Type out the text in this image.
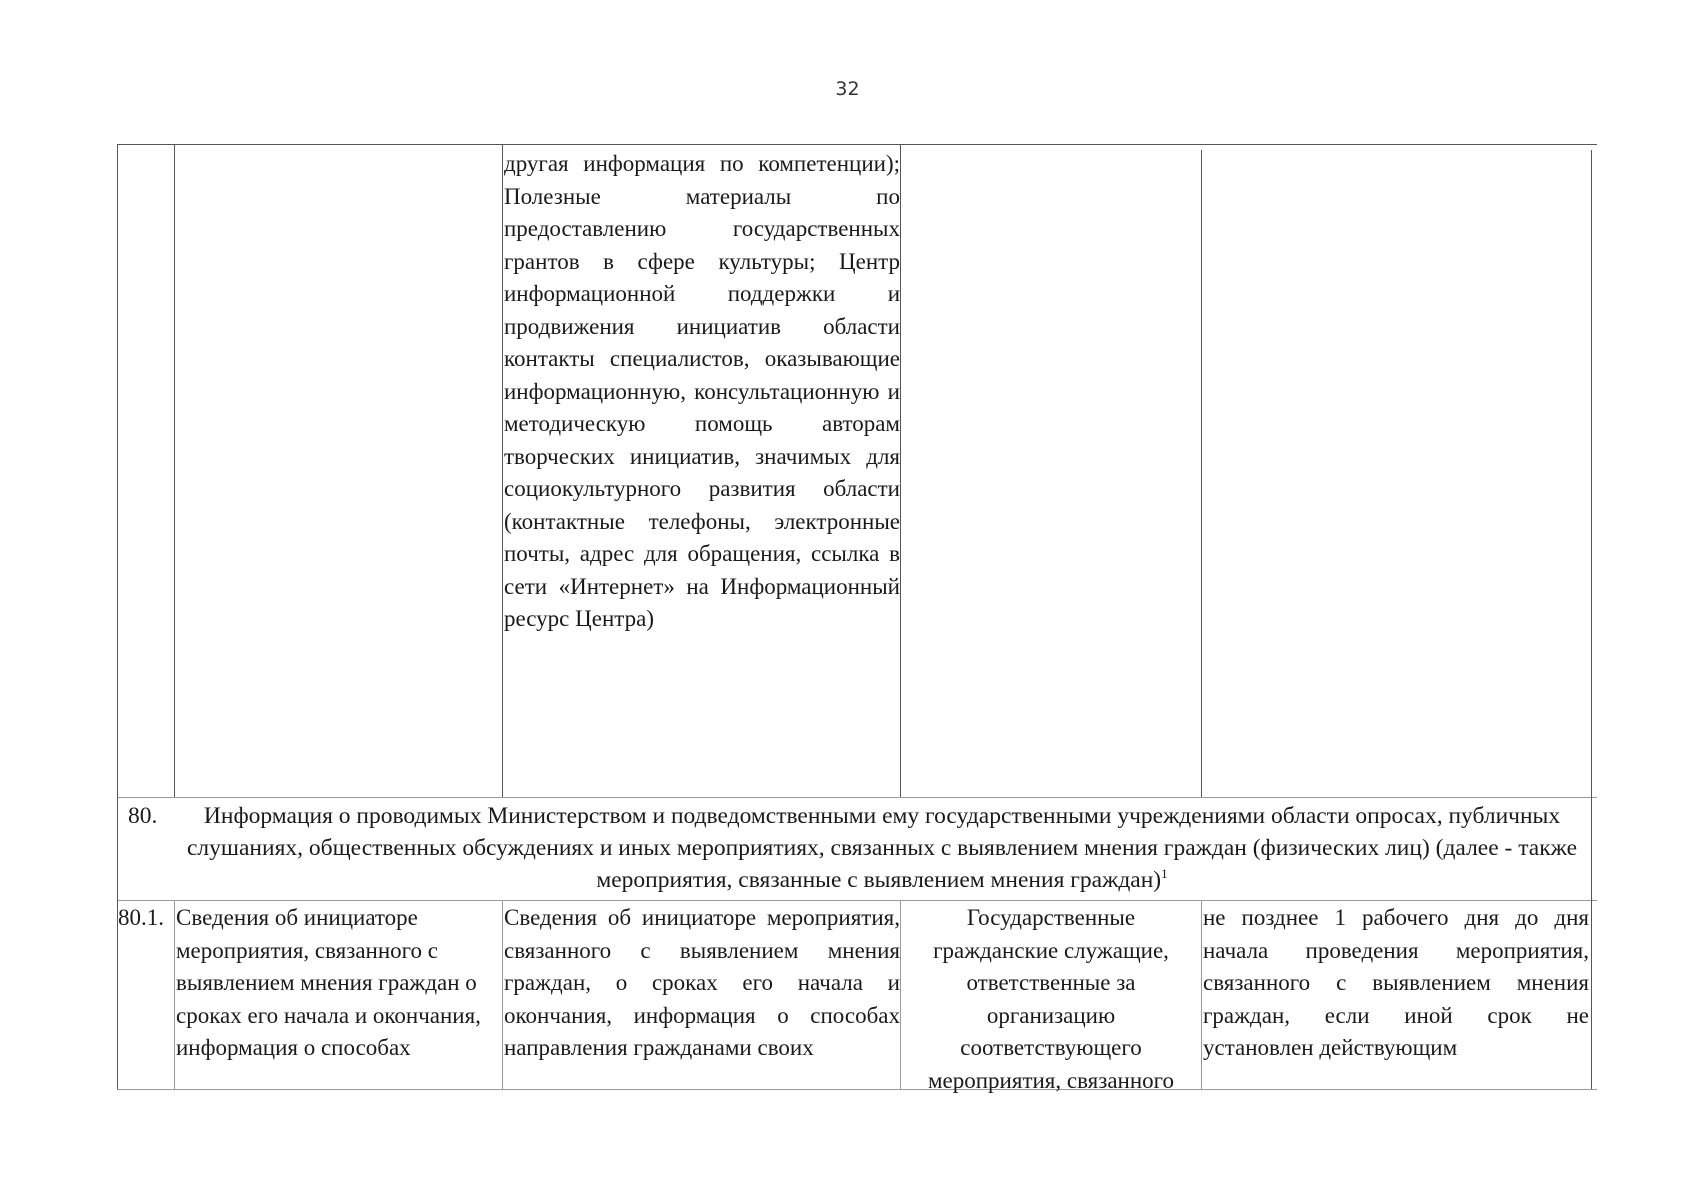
32
другая информация по компетенции); Полезные материалы по предоставлению государственных грантов в сфере культуры; Центр информационной поддержки и продвижения инициатив области контакты специалистов, оказывающие информационную, консультационную и методическую помощь авторам творческих инициатив, значимых для социокультурного развития области (контактные телефоны, электронные почты, адрес для обращения, ссылка в сети «Интернет» на Информационный ресурс Центра)
80.	Информация о проводимых Министерством и подведомственными ему государственными учреждениями области опросах, публичных слушаниях, общественных обсуждениях и иных мероприятиях, связанных с выявлением мнения граждан (физических лиц) (далее - также мероприятия, связанные с выявлением мнения граждан)$^1$
80.1. Сведения об инициаторе мероприятия, связанного с выявлением мнения граждан о сроках его начала и окончания, информация о способах
Сведения об инициаторе мероприятия, связанного с выявлением мнения граждан, о сроках его начала и окончания, информация о способах направления гражданами своих
Государственные гражданские служащие, ответственные за организацию соответствующего мероприятия, связанного
не позднее 1 рабочего дня до дня начала проведения мероприятия, связанного с выявлением мнения граждан, если иной срок не установлен действующим
